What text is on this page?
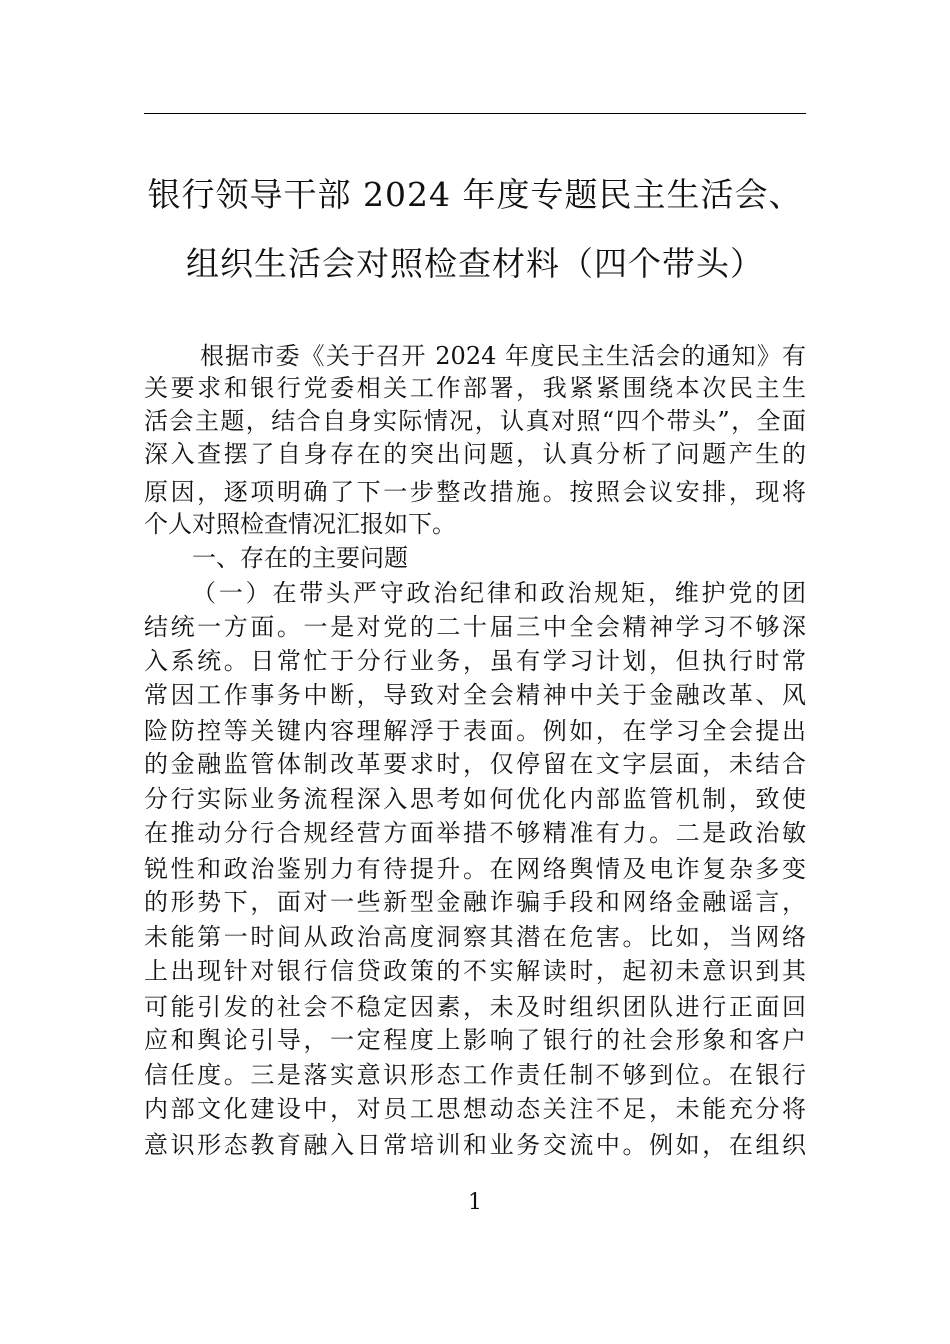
银行领导干部 2024 年度专题民主生活会、
组织生活会对照检查材料（四个带头）
根据市委《关于召开 2024 年度民主生活会的通知》有
关要求和银行党委相关工作部署，我紧紧围绕本次民主生
活会主题，结合自身实际情况，认真对照“四个带头”，全面
深入查摆了自身存在的突出问题，认真分析了问题产生的
原因，逐项明确了下一步整改措施。按照会议安排，现将
个人对照检查情况汇报如下。
一、存在的主要问题
（一）在带头严守政治纪律和政治规矩，维护党的团
结统一方面。一是对党的二十届三中全会精神学习不够深
入系统。日常忙于分行业务，虽有学习计划，但执行时常
常因工作事务中断，导致对全会精神中关于金融改革、风
险防控等关键内容理解浮于表面。例如，在学习全会提出
的金融监管体制改革要求时，仅停留在文字层面，未结合
分行实际业务流程深入思考如何优化内部监管机制，致使
在推动分行合规经营方面举措不够精准有力。二是政治敏
锐性和政治鉴别力有待提升。在网络舆情及电诈复杂多变
的形势下，面对一些新型金融诈骗手段和网络金融谣言，
未能第一时间从政治高度洞察其潜在危害。比如，当网络
上出现针对银行信贷政策的不实解读时，起初未意识到其
可能引发的社会不稳定因素，未及时组织团队进行正面回
应和舆论引导，一定程度上影响了银行的社会形象和客户
信任度。三是落实意识形态工作责任制不够到位。在银行
内部文化建设中，对员工思想动态关注不足，未能充分将
意识形态教育融入日常培训和业务交流中。例如，在组织
1
